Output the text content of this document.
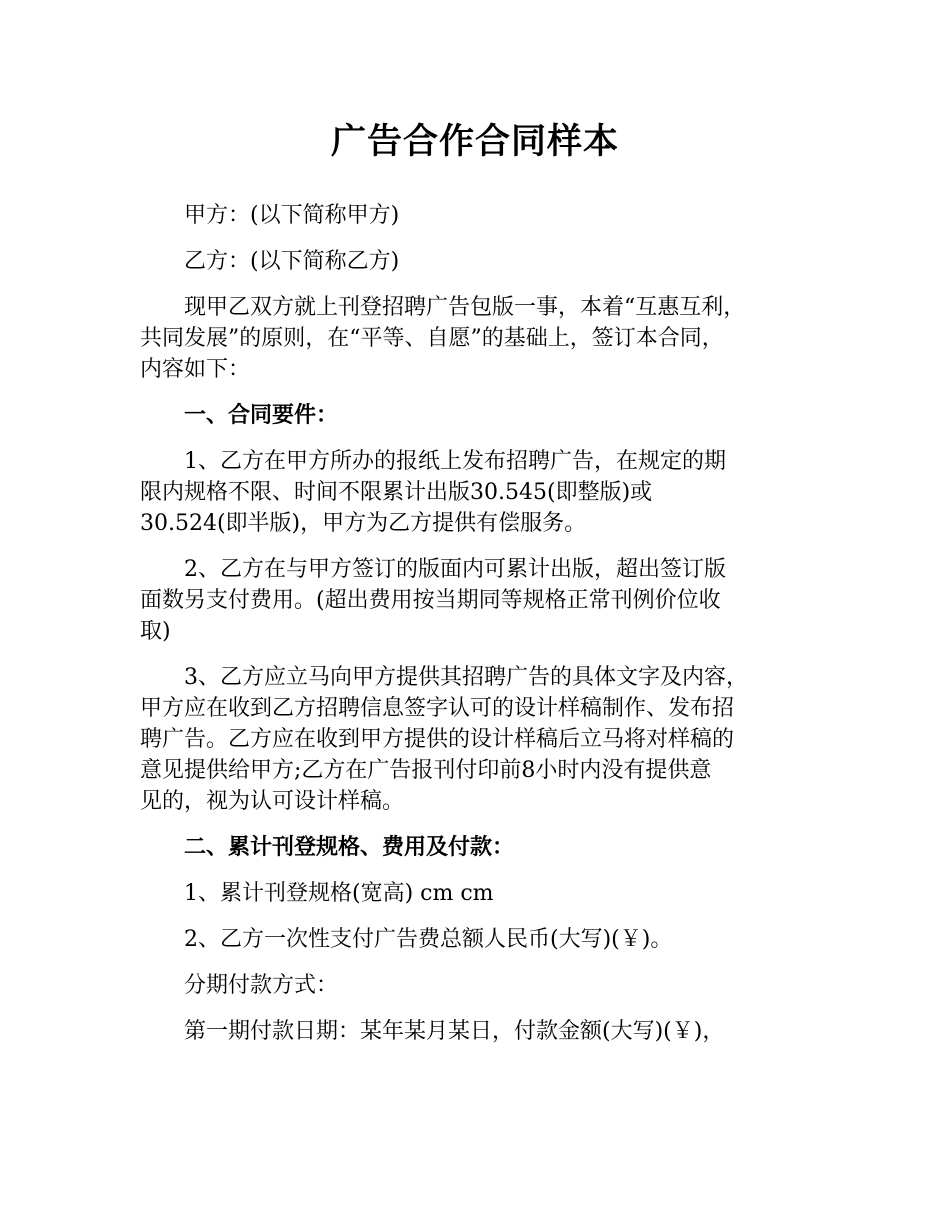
广告合作合同样本

甲方：(以下简称甲方)

乙方：(以下简称乙方)

现甲乙双方就上刊登招聘广告包版一事，本着“互惠互利，
共同发展”的原则，在“平等、自愿”的基础上，签订本合同，
内容如下：

一、合同要件：

1、乙方在甲方所办的报纸上发布招聘广告，在规定的期
限内规格不限、时间不限累计出版30.545(即整版)或
30.524(即半版)，甲方为乙方提供有偿服务。

2、乙方在与甲方签订的版面内可累计出版，超出签订版
面数另支付费用。(超出费用按当期同等规格正常刊例价位收
取)

3、乙方应立马向甲方提供其招聘广告的具体文字及内容，
甲方应在收到乙方招聘信息签字认可的设计样稿制作、发布招
聘广告。乙方应在收到甲方提供的设计样稿后立马将对样稿的
意见提供给甲方;乙方在广告报刊付印前8小时内没有提供意
见的，视为认可设计样稿。

二、累计刊登规格、费用及付款：

1、累计刊登规格(宽高) cm cm

2、乙方一次性支付广告费总额人民币(大写)(￥)。

分期付款方式：

第一期付款日期：某年某月某日，付款金额(大写)(￥)，
